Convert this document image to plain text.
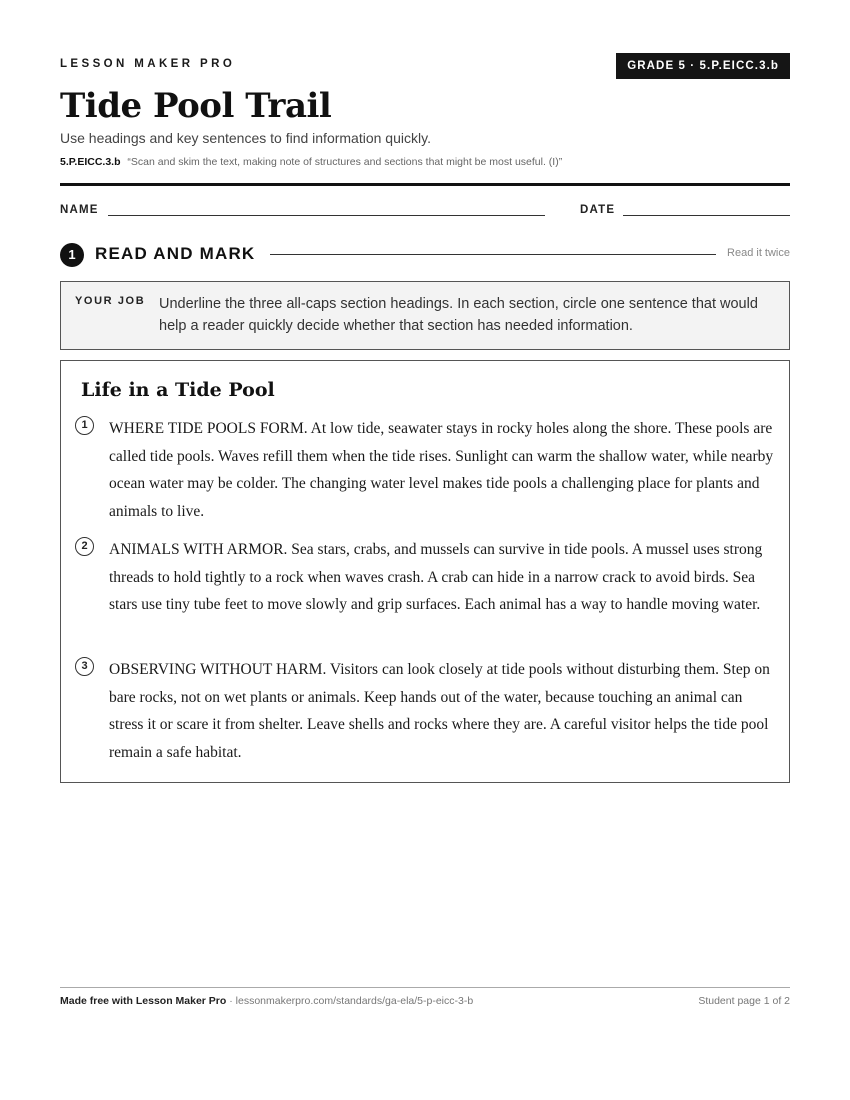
LESSON MAKER PRO	GRADE 5 · 5.P.EICC.3.b
Tide Pool Trail
Use headings and key sentences to find information quickly.
5.P.EICC.3.b “Scan and skim the text, making note of structures and sections that might be most useful. (I)”
NAME	DATE
1	READ AND MARK	Read it twice
YOUR JOB Underline the three all-caps section headings. In each section, circle one sentence that would help a reader quickly decide whether that section has needed information.
Life in a Tide Pool
1	WHERE TIDE POOLS FORM. At low tide, seawater stays in rocky holes along the shore. These pools are called tide pools. Waves refill them when the tide rises. Sunlight can warm the shallow water, while nearby ocean water may be colder. The changing water level makes tide pools a challenging place for plants and animals to live.

2	ANIMALS WITH ARMOR. Sea stars, crabs, and mussels can survive in tide pools. A mussel uses strong threads to hold tightly to a rock when waves crash. A crab can hide in a narrow crack to avoid birds. Sea stars use tiny tube feet to move slowly and grip surfaces. Each animal has a way to handle moving water.

3	OBSERVING WITHOUT HARM. Visitors can look closely at tide pools without disturbing them. Step on bare rocks, not on wet plants or animals. Keep hands out of the water, because touching an animal can stress it or scare it from shelter. Leave shells and rocks where they are. A careful visitor helps the tide pool remain a safe habitat.

Made free with Lesson Maker Pro · lessonmakerpro.com/standards/ga-ela/5-p-eicc-3-b	Student page 1 of 2
